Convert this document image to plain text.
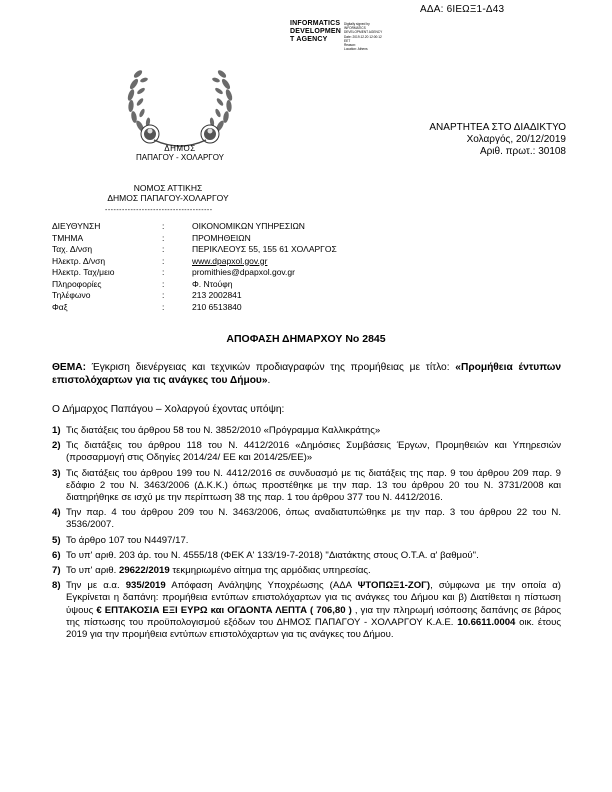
ΑΔΑ: 6ΙΕΩΞ1-Δ43
INFORMATICS
DEVELOPMEN
T AGENCY
Digitally signed by
INFORMATICS
DEVELOPMENT AGENCY
Date: 2019.12.20 12:00:12
EET
Reason:
Location: Athens
ΔΗΜΟΣ
ΠΑΠΑΓΟΥ - ΧΟΛΑΡΓΟΥ
ΑΝΑΡΤΗΤΕΑ ΣΤΟ ΔΙΑΔΙΚΤΥΟ
Χολαργός, 20/12/2019
Αριθ. πρωτ.: 30108
ΝΟΜΟΣ ΑΤΤΙΚΗΣ
ΔΗΜΟΣ ΠΑΠΑΓΟΥ-ΧΟΛΑΡΓΟΥ
--------------------------------------
ΔΙΕΥΘΥΝΣΗ	:	ΟΙΚΟΝΟΜΙΚΩΝ ΥΠΗΡΕΣΙΩΝ
ΤΜΗΜΑ	:	ΠΡΟΜΗΘΕΙΩΝ
Ταχ. Δ/νση	:	ΠΕΡΙΚΛΕΟΥΣ 55, 155 61 ΧΟΛΑΡΓΟΣ
Ηλεκτρ. Δ/νση	:	www.dpapxol.gov.gr
Ηλεκτρ. Ταχ/μειο	:	promithies@dpapxol.gov.gr
Πληροφορίες	:	Φ. Ντούφη
Τηλέφωνο	:	213 2002841
Φαξ	:	210 6513840
ΑΠΟΦΑΣΗ ΔΗΜΑΡΧΟΥ Νο 2845
ΘΕΜΑ: Έγκριση διενέργειας και τεχνικών προδιαγραφών της προμήθειας με τίτλο: «Προμήθεια έντυπων επιστολόχαρτων για τις ανάγκες του Δήμου».
Ο Δήμαρχος Παπάγου – Χολαργού έχοντας υπόψη:
1) Τις διατάξεις του άρθρου 58 του Ν. 3852/2010 «Πρόγραμμα Καλλικράτης»
2) Τις διατάξεις του άρθρου 118 του Ν. 4412/2016 «Δημόσιες Συμβάσεις Έργων, Προμηθειών και Υπηρεσιών (προσαρμογή στις Οδηγίες 2014/24/ ΕΕ και 2014/25/ΕΕ)»
3) Τις διατάξεις του άρθρου 199 του Ν. 4412/2016 σε συνδυασμό με τις διατάξεις της παρ. 9 του άρθρου 209 παρ. 9 εδάφιο 2 του Ν. 3463/2006 (Δ.Κ.Κ.) όπως προστέθηκε με την παρ. 13 του άρθρου 20 του Ν. 3731/2008 και διατηρήθηκε σε ισχύ με την περίπτωση 38 της παρ. 1 του άρθρου 377 του Ν. 4412/2016.
4) Την παρ. 4 του άρθρου 209 του Ν. 3463/2006, όπως αναδιατυπώθηκε με την παρ. 3 του άρθρου 22 του Ν. 3536/2007.
5) Το άρθρο 107 του Ν4497/17.
6) Το υπ' αριθ. 203 άρ. του Ν. 4555/18 (ΦΕΚ Α' 133/19-7-2018) "Διατάκτης στους Ο.Τ.Α. α' βαθμού".
7) Το υπ' αριθ. 29622/2019 τεκμηριωμένο αίτημα της αρμόδιας υπηρεσίας.
8) Την με α.α. 935/2019 Απόφαση Ανάληψης Υποχρέωσης (ΑΔΑ ΨΤΟΠΩΞ1-ΖΟΓ), σύμφωνα με την οποία α) Εγκρίνεται η δαπάνη: προμήθεια εντύπων επιστολόχαρτων για τις ανάγκες του Δήμου και β) Διατίθεται η πίστωση ύψους € ΕΠΤΑΚΟΣΙΑ ΕΞΙ ΕΥΡΩ και ΟΓΔΟΝΤΑ ΛΕΠΤΑ ( 706,80 ) , για την πληρωμή ισόποσης δαπάνης σε βάρος της πίστωσης του προϋπολογισμού εξόδων του ΔΗΜΟΣ ΠΑΠΑΓΟΥ - ΧΟΛΑΡΓΟΥ Κ.Α.Ε. 10.6611.0004 οικ. έτους 2019 για την προμήθεια εντύπων επιστολόχαρτων για τις ανάγκες του Δήμου.
